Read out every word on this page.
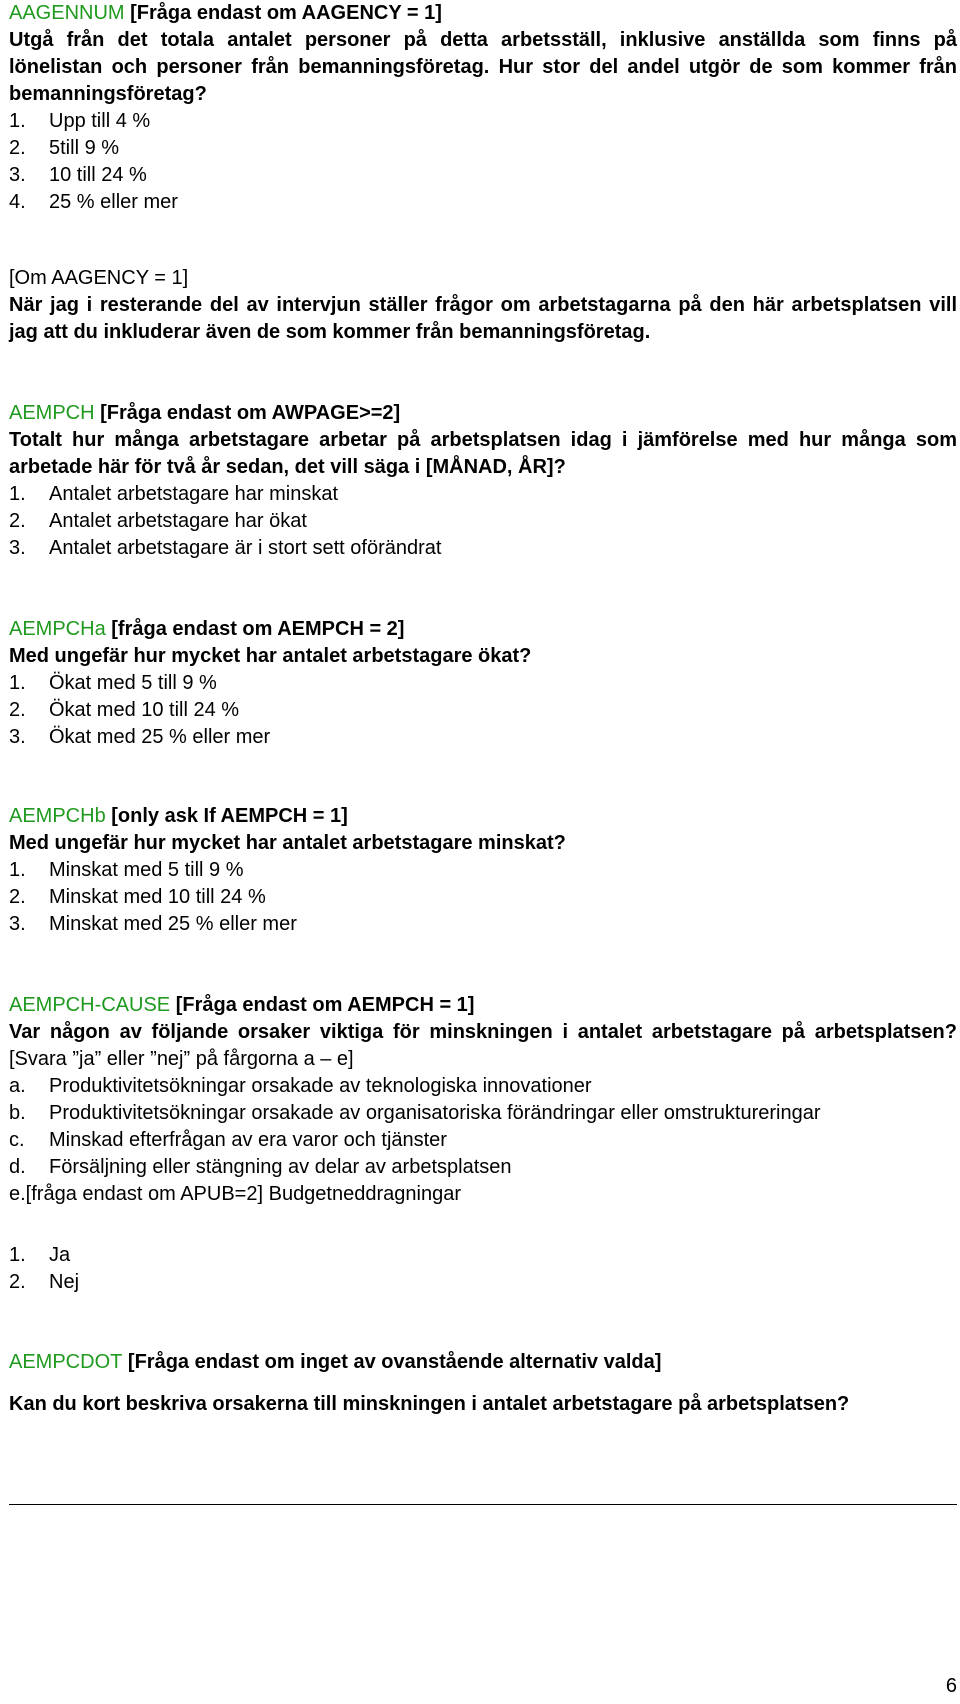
AAGENNUM [Fråga endast om AAGENCY = 1]
Utgå från det totala antalet personer på detta arbetsställ, inklusive anställda som finns på lönelistan och personer från bemanningsföretag. Hur stor del andel utgör de som kommer från bemanningsföretag?
1.	Upp till 4 %
2.	5till 9 %
3.	10 till 24 %
4.	25 % eller mer
[Om AAGENCY = 1]
När jag i resterande del av intervjun ställer frågor om arbetstagarna på den här arbetsplatsen vill jag att du inkluderar även de som kommer från bemanningsföretag.
AEMPCH [Fråga endast om AWPAGE>=2]
Totalt hur många arbetstagare arbetar på arbetsplatsen idag i jämförelse med hur många som arbetade här för två år sedan, det vill säga i [MÅNAD, ÅR]?
1.	Antalet arbetstagare har minskat
2.	Antalet arbetstagare har ökat
3.	Antalet arbetstagare är i stort sett oförändrat
AEMPCHa [fråga endast om AEMPCH = 2]
Med ungefär hur mycket har antalet arbetstagare ökat?
1.	Ökat med 5 till 9 %
2.	Ökat med 10 till 24 %
3.	Ökat med 25 % eller mer
AEMPCHb [only ask If AEMPCH = 1]
Med ungefär hur mycket har antalet arbetstagare minskat?
1.	Minskat med 5 till 9 %
2.	Minskat med 10 till 24 %
3.	Minskat med 25 % eller mer
AEMPCH-CAUSE [Fråga endast om AEMPCH = 1]
Var någon av följande orsaker viktiga för minskningen i antalet arbetstagare på arbetsplatsen? [Svara ”ja” eller ”nej” på fårgorna a – e]
a.	Produktivitetsökningar orsakade av teknologiska innovationer
b.	Produktivitetsökningar orsakade av organisatoriska förändringar eller omstruktureringar
c.	Minskad efterfrågan av era varor och tjänster
d.	Försäljning eller stängning av delar av arbetsplatsen
e.[fråga endast om APUB=2] Budgetneddragningar
1.	Ja
2.	Nej
AEMPCDOT [Fråga endast om inget av ovanstående alternativ valda]
Kan du kort beskriva orsakerna till minskningen i antalet arbetstagare på arbetsplatsen?
6
